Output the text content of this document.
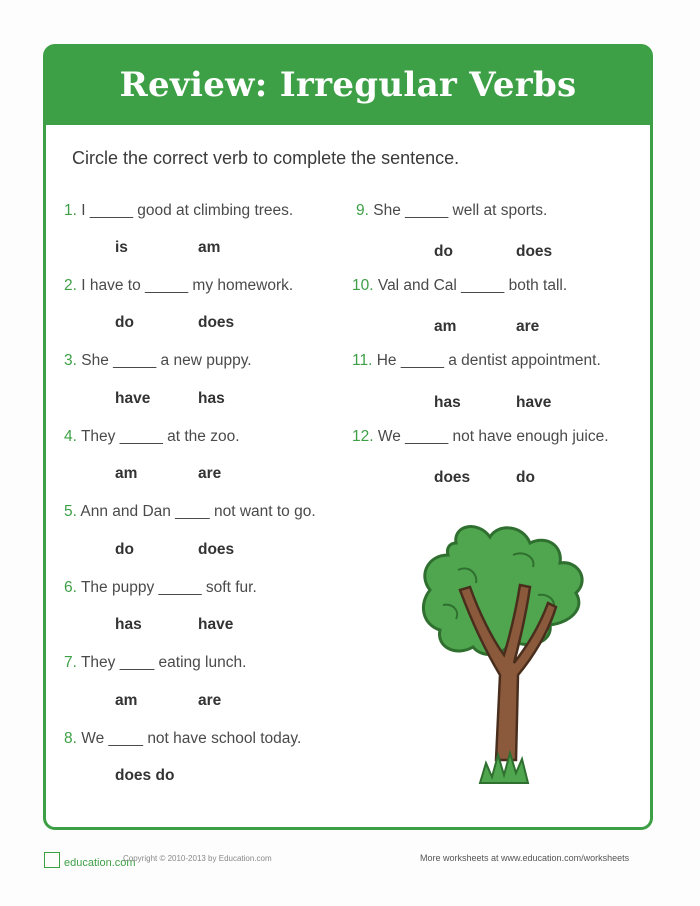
Review: Irregular Verbs
Circle the correct verb to complete the sentence.
1. I _____ good at climbing trees.
is	am
2. I have to _____ my homework.
do	does
3. She _____ a new puppy.
have	has
4. They _____ at the zoo.
am	are
5. Ann and Dan ____ not want to go.
do	does
6. The puppy _____ soft fur.
has	have
7. They ____ eating lunch.
am	are
8. We ____ not have school today.
does do
9. She _____ well at sports.
do	does
10. Val and Cal _____ both tall.
am	are
11. He _____ a dentist appointment.
has	have
12. We _____ not have enough juice.
does	do
education.com
Copyright © 2010-2013 by Education.com	More worksheets at www.education.com/worksheets
